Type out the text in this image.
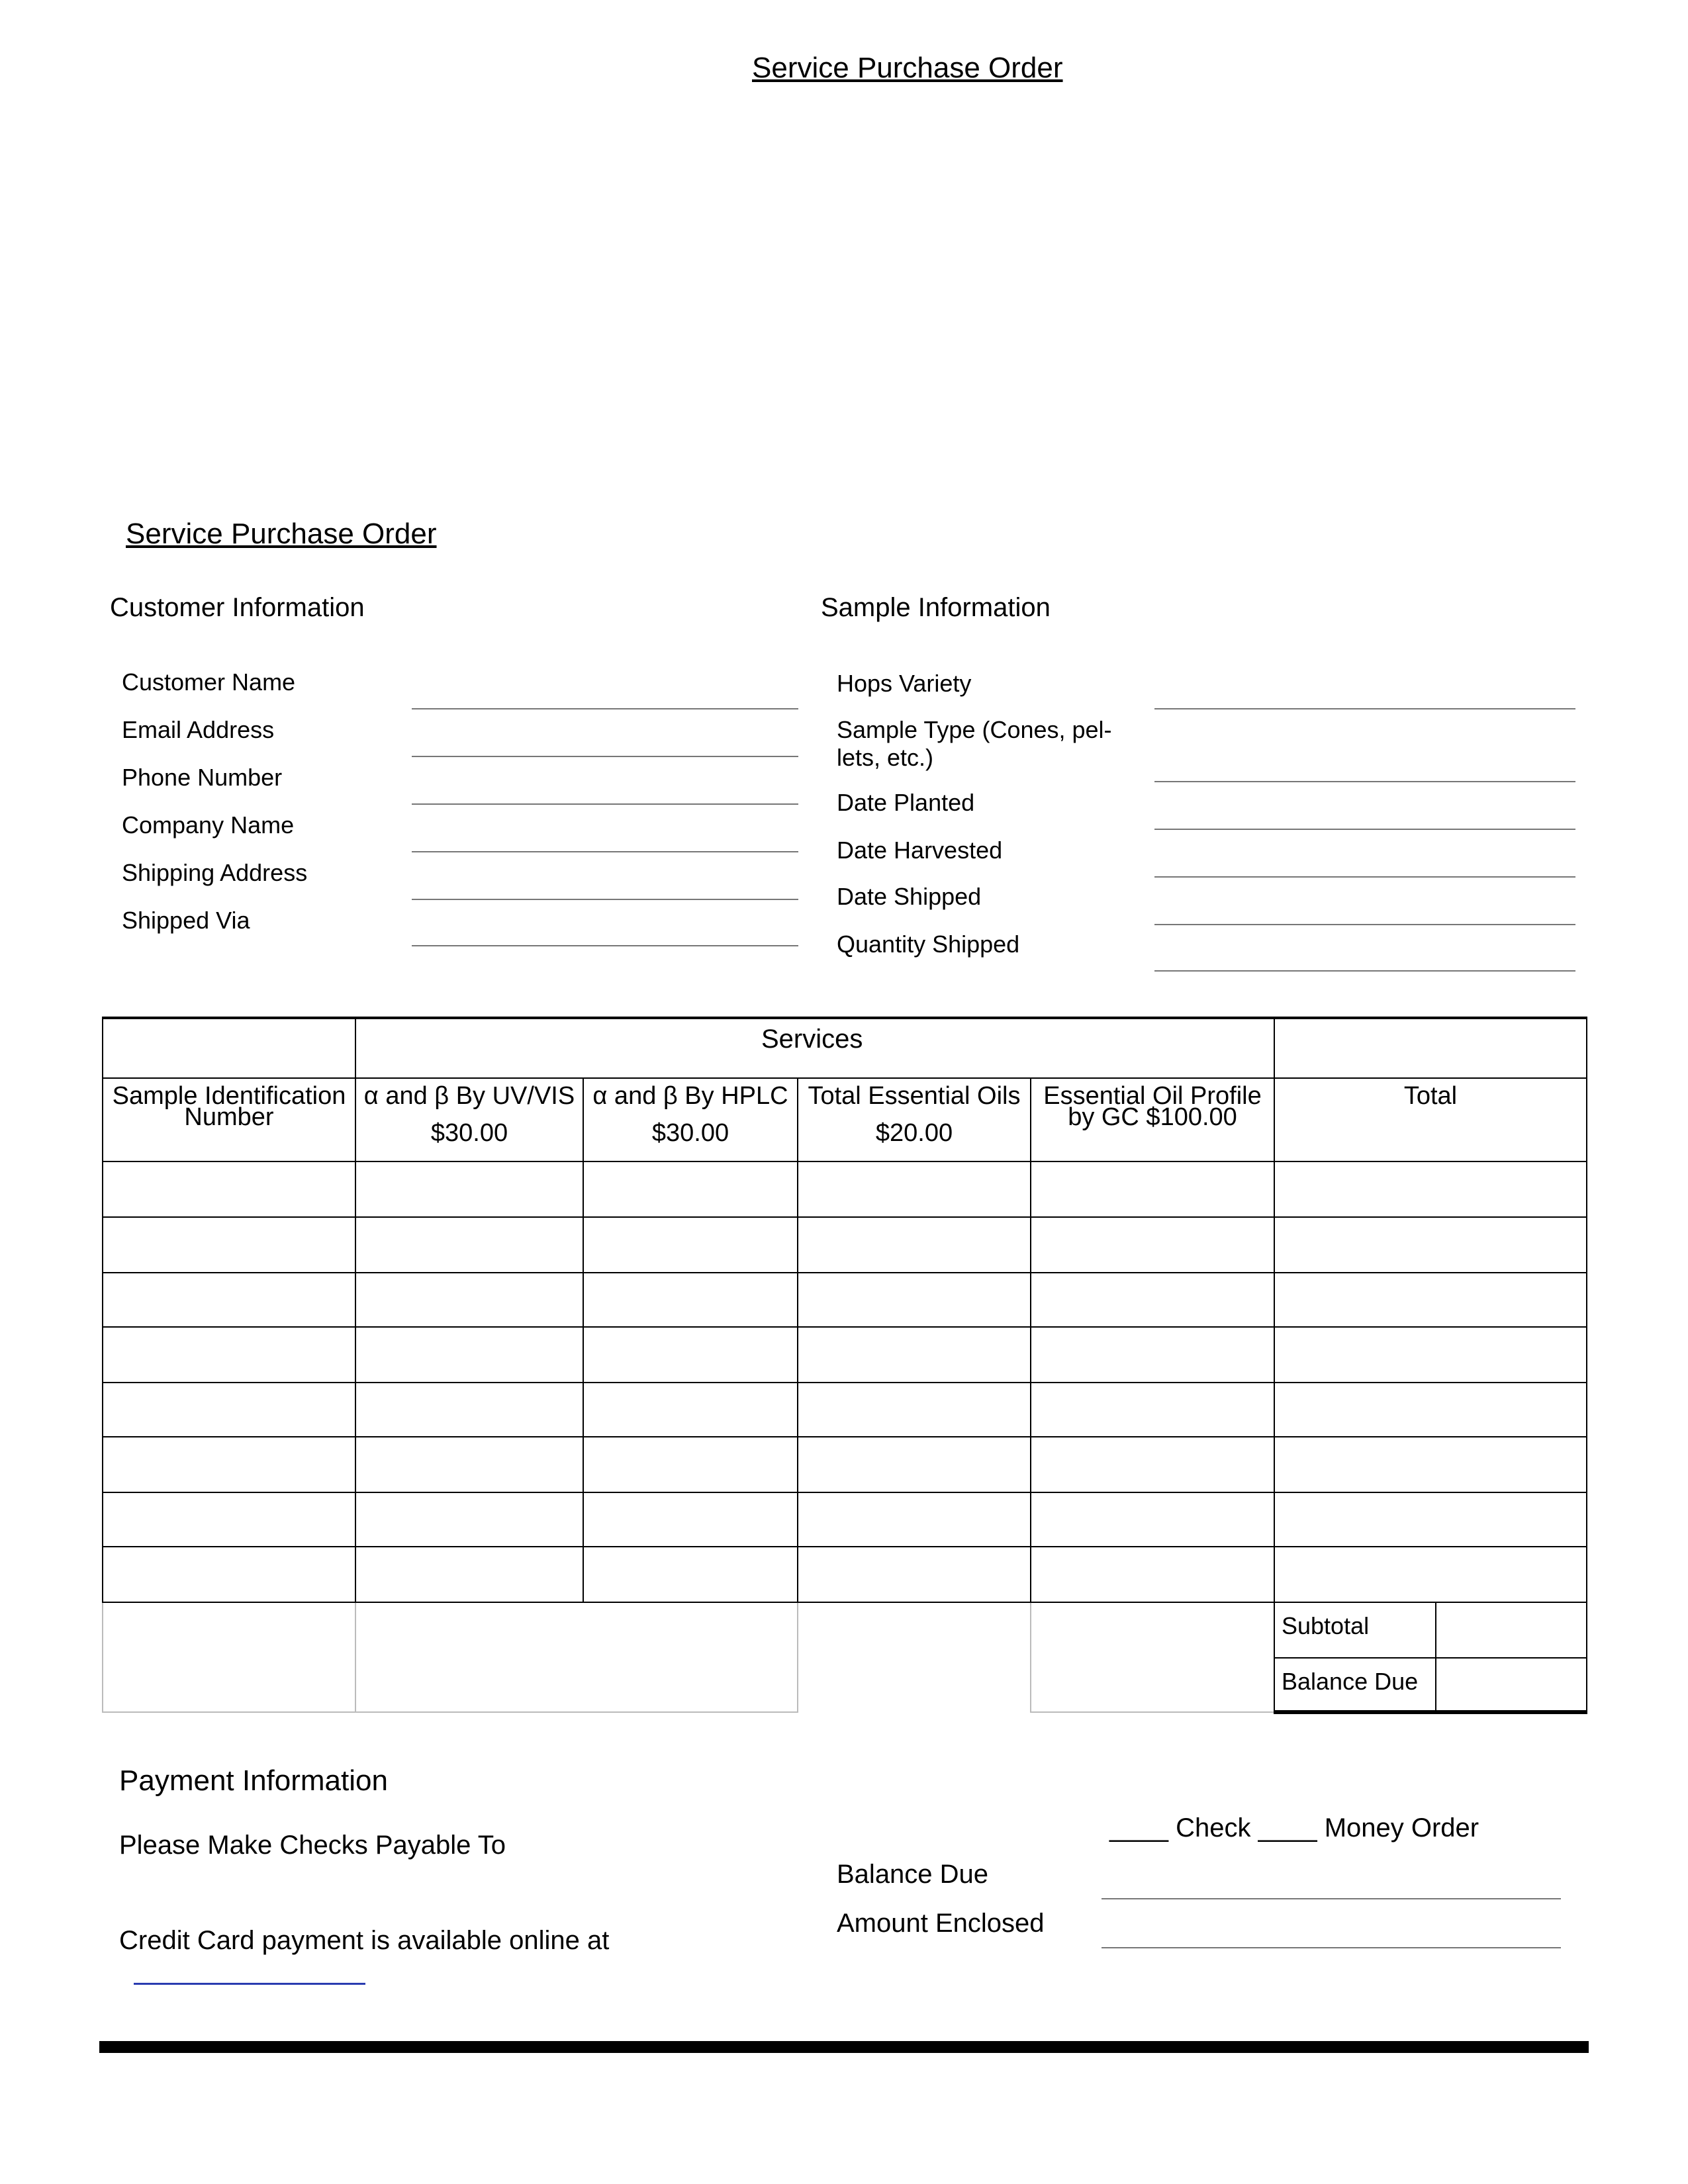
Service Purchase Order
Service Purchase Order
Customer Information
Customer Name
Email Address
Phone Number
Company Name
Shipping Address
Shipped Via
Sample Information
Hops Variety
Sample Type (Cones, pel-
lets, etc.)
Date Planted
Date Harvested
Date Shipped
Quantity Shipped
Services
Sample Identification
Number
α and β By UV/VIS
$30.00
α and β By HPLC
$30.00
Total Essential Oils
$20.00
Essential Oil Profile
by GC $100.00
Total
Subtotal
Balance Due
Payment Information
Please Make Checks Payable To
Credit Card payment is available online at
____ Check ____ Money Order
Balance Due
Amount Enclosed
